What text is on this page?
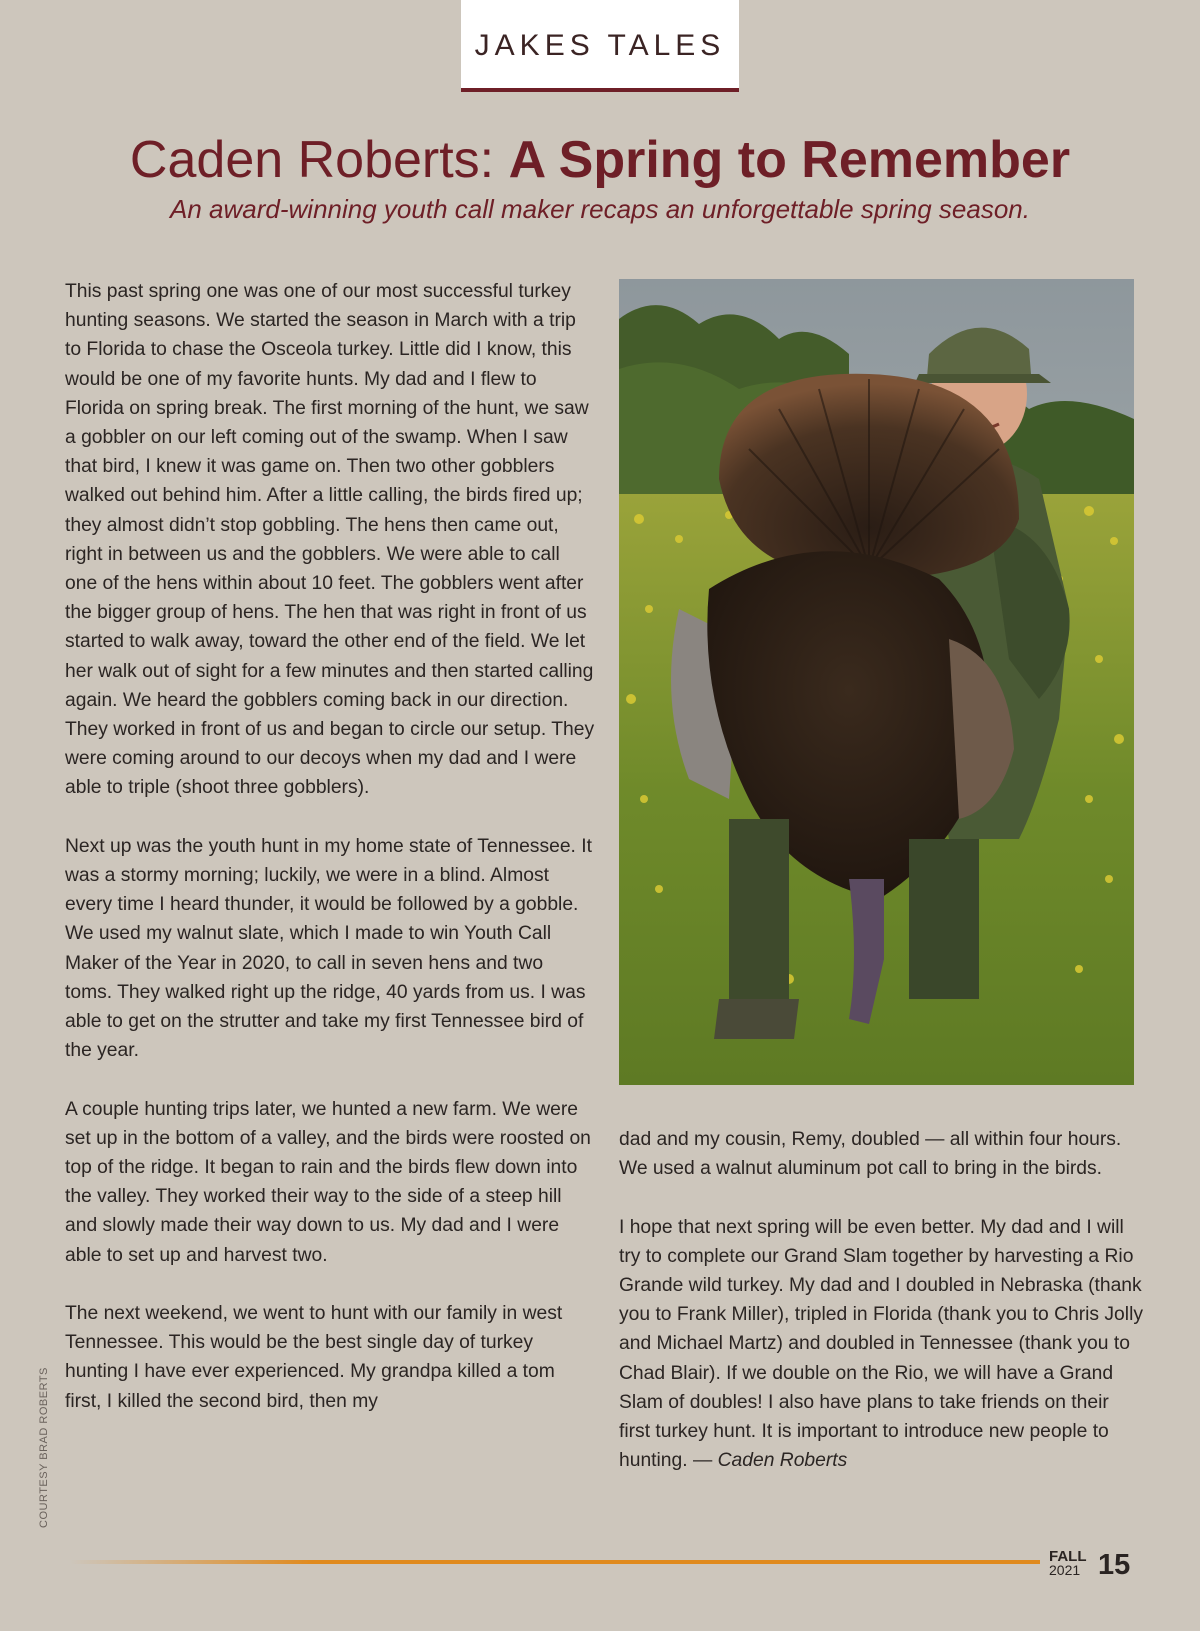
JAKES TALES
Caden Roberts: A Spring to Remember
An award-winning youth call maker recaps an unforgettable spring season.

This past spring one was one of our most successful turkey hunting seasons. We started the season in March with a trip to Florida to chase the Osceola turkey. Little did I know, this would be one of my favorite hunts. My dad and I flew to Florida on spring break. The first morning of the hunt, we saw a gobbler on our left coming out of the swamp. When I saw that bird, I knew it was game on. Then two other gobblers walked out behind him. After a little calling, the birds fired up; they almost didn’t stop gobbling. The hens then came out, right in between us and the gobblers. We were able to call one of the hens within about 10 feet. The gobblers went after the bigger group of hens. The hen that was right in front of us started to walk away, toward the other end of the field. We let her walk out of sight for a few minutes and then started calling again. We heard the gobblers coming back in our direction. They worked in front of us and began to circle our setup. They were coming around to our decoys when my dad and I were able to triple (shoot three gobblers).

Next up was the youth hunt in my home state of Tennessee. It was a stormy morning; luckily, we were in a blind. Almost every time I heard thunder, it would be followed by a gobble. We used my walnut slate, which I made to win Youth Call Maker of the Year in 2020, to call in seven hens and two toms. They walked right up the ridge, 40 yards from us. I was able to get on the strutter and take my first Tennessee bird of the year.

A couple hunting trips later, we hunted a new farm. We were set up in the bottom of a valley, and the birds were roosted on top of the ridge. It began to rain and the birds flew down into the valley. They worked their way to the side of a steep hill and slowly made their way down to us. My dad and I were able to set up and harvest two.

The next weekend, we went to hunt with our family in west Tennessee. This would be the best single day of turkey hunting I have ever experienced. My grandpa killed a tom first, I killed the second bird, then my

dad and my cousin, Remy, doubled — all within four hours. We used a walnut aluminum pot call to bring in the birds.

I hope that next spring will be even better. My dad and I will try to complete our Grand Slam together by harvesting a Rio Grande wild turkey. My dad and I doubled in Nebraska (thank you to Frank Miller), tripled in Florida (thank you to Chris Jolly and Michael Martz) and doubled in Tennessee (thank you to Chad Blair). If we double on the Rio, we will have a Grand Slam of doubles! I also have plans to take friends on their first turkey hunt. It is important to introduce new people to hunting. — Caden Roberts

COURTESY BRAD ROBERTS
FALL
2021 15
